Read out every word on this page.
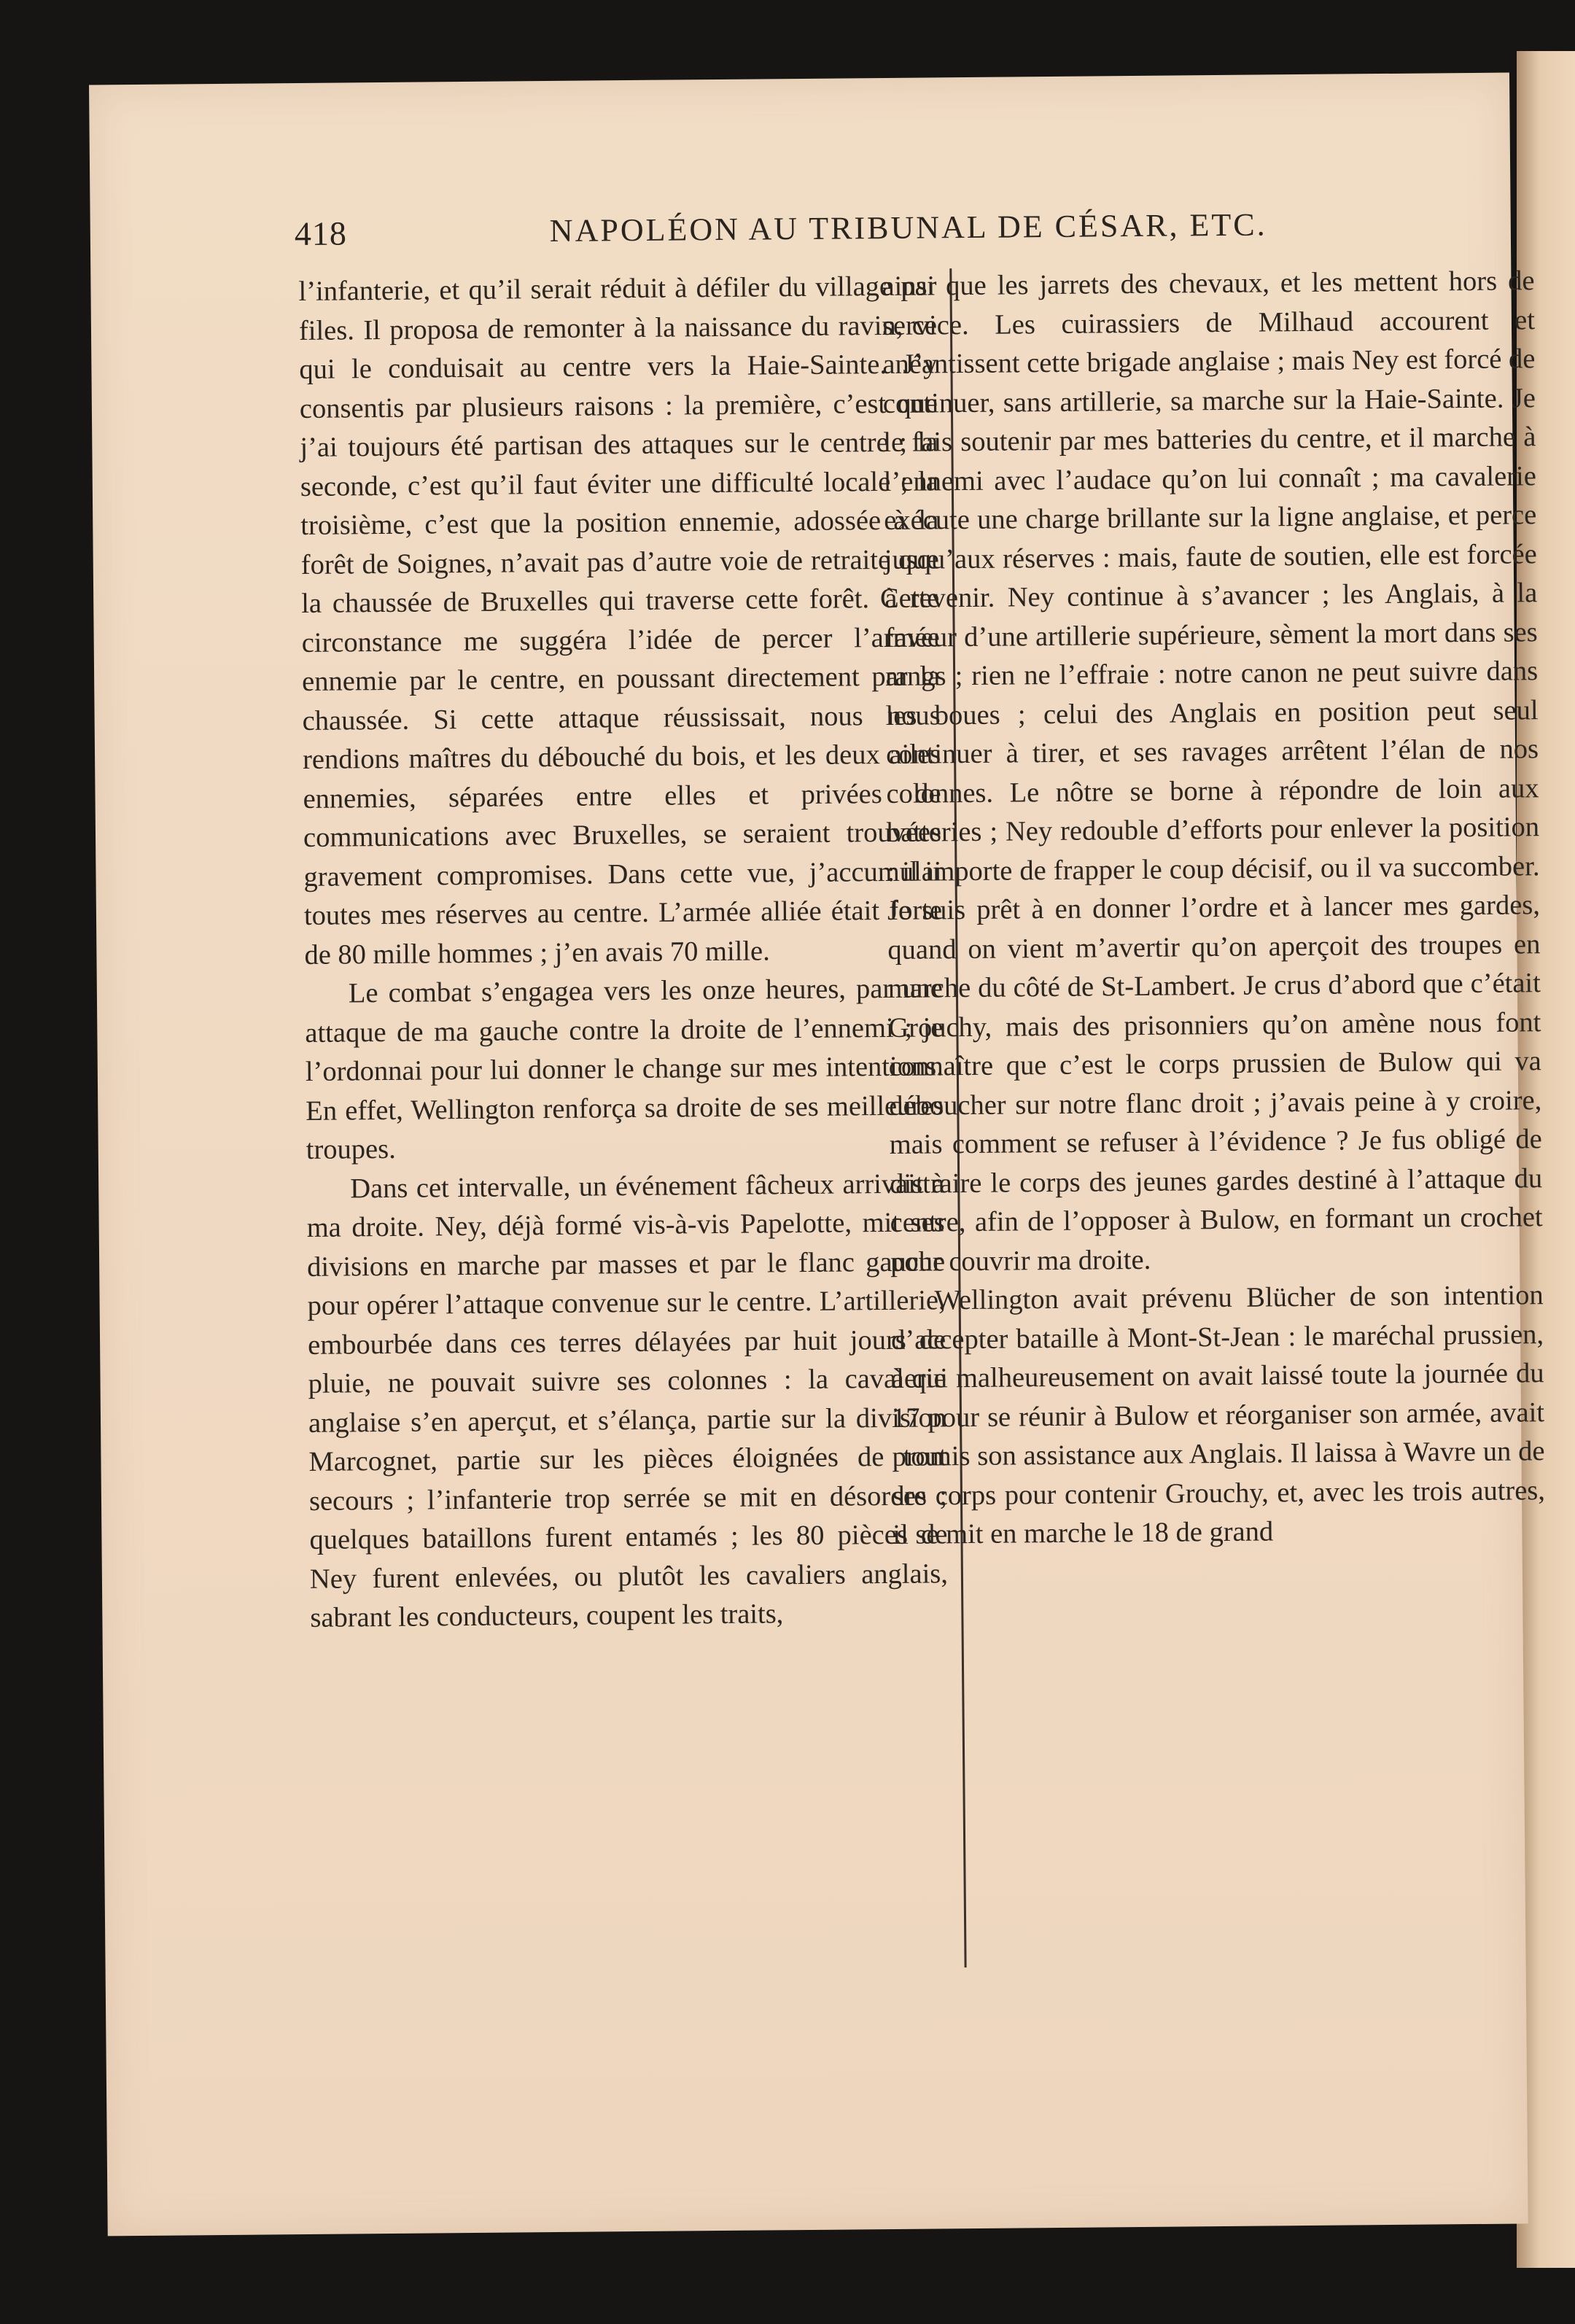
418	NAPOLÉON AU TRIBUNAL DE CÉSAR, ETC.

l’infanterie, et qu’il serait réduit à défiler du village par files. Il proposa de remonter à la naissance du ravin, ce qui le conduisait au centre vers la Haie-Sainte. J’y consentis par plusieurs raisons : la première, c’est que j’ai toujours été partisan des attaques sur le centre ; la seconde, c’est qu’il faut éviter une difficulté locale ; la troisième, c’est que la position ennemie, adossée à la forêt de Soignes, n’avait pas d’autre voie de retraite que la chaussée de Bruxelles qui traverse cette forêt. Cette circonstance me suggéra l’idée de percer l’armée ennemie par le centre, en poussant directement par la chaussée. Si cette attaque réussissait, nous nous rendions maîtres du débouché du bois, et les deux ailes ennemies, séparées entre elles et privées de communications avec Bruxelles, se seraient trouvées gravement compromises. Dans cette vue, j’accumulai toutes mes réserves au centre. L’armée alliée était forte de 80 mille hommes ; j’en avais 70 mille.

Le combat s’engagea vers les onze heures, par une attaque de ma gauche contre la droite de l’ennemi ; je l’ordonnai pour lui donner le change sur mes intentions. En effet, Wellington renforça sa droite de ses meilleures troupes.

Dans cet intervalle, un événement fâcheux arrivait à ma droite. Ney, déjà formé vis-à-vis Papelotte, mit ses divisions en marche par masses et par le flanc gauche pour opérer l’attaque convenue sur le centre. L’artillerie, embourbée dans ces terres délayées par huit jours de pluie, ne pouvait suivre ses colonnes : la cavalerie anglaise s’en aperçut, et s’élança, partie sur la division Marcognet, partie sur les pièces éloignées de tout secours ; l’infanterie trop serrée se mit en désordre ; quelques bataillons furent entamés ; les 80 pièces de Ney furent enlevées, ou plutôt les cavaliers anglais, sabrant les conducteurs, coupent les traits,

ainsi que les jarrets des chevaux, et les mettent hors de service. Les cuirassiers de Milhaud accourent et anéantissent cette brigade anglaise ; mais Ney est forcé de continuer, sans artillerie, sa marche sur la Haie-Sainte. Je le fais soutenir par mes batteries du centre, et il marche à l’ennemi avec l’audace qu’on lui connaît ; ma cavalerie exécute une charge brillante sur la ligne anglaise, et perce jusqu’aux réserves : mais, faute de soutien, elle est forcée à revenir. Ney continue à s’avancer ; les Anglais, à la faveur d’une artillerie supérieure, sèment la mort dans ses rangs ; rien ne l’effraie : notre canon ne peut suivre dans les boues ; celui des Anglais en position peut seul continuer à tirer, et ses ravages arrêtent l’élan de nos colonnes. Le nôtre se borne à répondre de loin aux batteries ; Ney redouble d’efforts pour enlever la position : il importe de frapper le coup décisif, ou il va succomber. Je suis prêt à en donner l’ordre et à lancer mes gardes, quand on vient m’avertir qu’on aperçoit des troupes en marche du côté de St-Lambert. Je crus d’abord que c’était Grouchy, mais des prisonniers qu’on amène nous font connaître que c’est le corps prussien de Bulow qui va déboucher sur notre flanc droit ; j’avais peine à y croire, mais comment se refuser à l’évidence ? Je fus obligé de distraire le corps des jeunes gardes destiné à l’attaque du centre, afin de l’opposer à Bulow, en formant un crochet pour couvrir ma droite.

Wellington avait prévenu Blücher de son intention d’accepter bataille à Mont-St-Jean : le maréchal prussien, à qui malheureusement on avait laissé toute la journée du 17 pour se réunir à Bulow et réorganiser son armée, avait promis son assistance aux Anglais. Il laissa à Wavre un de ses corps pour contenir Grouchy, et, avec les trois autres, il se mit en marche le 18 de grand
